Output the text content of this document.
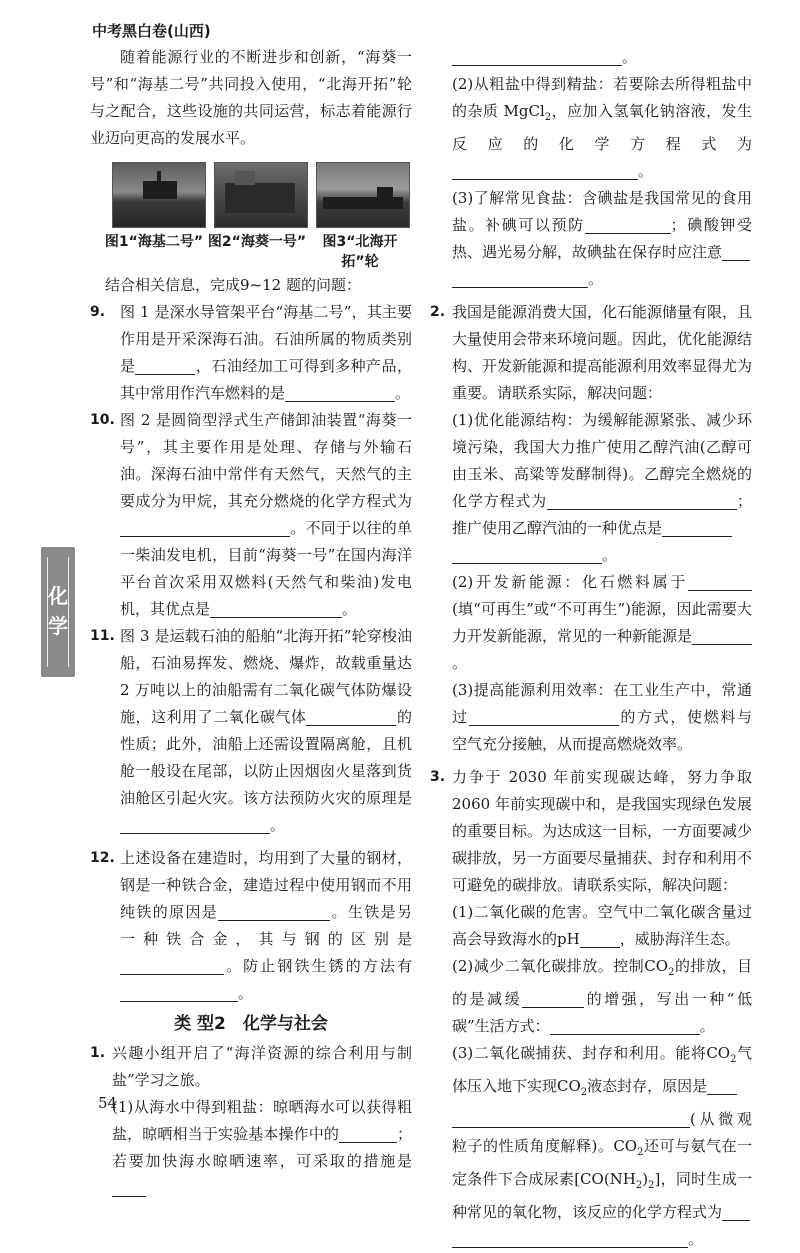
中考黑白卷(山西)
化学

随着能源行业的不断进步和创新，“海葵一号”和“海基二号”共同投入使用，“北海开拓”轮与之配合，这些设施的共同运营，标志着能源行业迈向更高的发展水平。

图1“海基二号” 图2“海葵一号”	图3“北海开拓”轮

结合相关信息，完成9~12 题的问题：

9. 图 1 是深水导管架平台“海基二号”，其主要作用是开采深海石油。石油所属的物质类别是	，石油经加工可得到多种产品，其中常用作汽车燃料的是	。
10. 图 2 是圆筒型浮式生产储卸油装置“海葵一号”，其主要作用是处理、存储与外输石油。深海石油中常伴有天然气，天然气的主要成分为甲烷，其充分燃烧的化学方程式为。不同于以往的单一柴油发电机，目前“海葵一号”在国内海洋平台首次采用双燃料(天然气和柴油)发电机，其优点是	。
11. 图 3 是运载石油的船舶“北海开拓”轮穿梭油船，石油易挥发、燃烧、爆炸，故载重量达 2 万吨以上的油船需有二氧化碳气体防爆设施，这利用了二氧化碳气体	的性质；此外，油船上还需设置隔离舱，且机舱一般设在尾部，以防止因烟囱火星落到货油舱区引起火灾。该方法预防火灾的原理是。
12. 上述设备在建造时，均用到了大量的钢材，钢是一种铁合金，建造过程中使用钢而不用纯铁的原因是	。生铁是另一种铁合金，其与钢的区别是。防止钢铁生锈的方法有。
类 型2　化学与社会
1. 兴趣小组开启了“海洋资源的综合利用与制盐”学习之旅。

(1)从海水中得到粗盐：晾晒海水可以获得粗盐，晾晒相当于实验基本操作中的	；若要加快海水晾晒速率，可采取的措施是

。

(2)从粗盐中得到精盐：若要除去所得粗盐中的杂质 MgCl$_2$，应加入氢氧化钠溶液，发生反应的化学方程式为。

(3)了解常见食盐：含碘盐是我国常见的食用盐。补碘可以预防	；碘酸钾受热、遇光易分解，故碘盐在保存时应注意
。

2. 我国是能源消费大国，化石能源储量有限，且大量使用会带来环境问题。因此，优化能源结构、开发新能源和提高能源利用效率显得尤为重要。请联系实际，解决问题：

(1)优化能源结构：为缓解能源紧张、减少环境污染，我国大力推广使用乙醇汽油(乙醇可由玉米、高粱等发酵制得)。乙醇完全燃烧的化学方程式为	；推广使用乙醇汽油的一种优点是
。

(2)开发新能源：化石燃料属于(填“可再生”或“不可再生”)能源，因此需要大力开发新能源，常见的一种新能源是。

(3)提高能源利用效率：在工业生产中，常通过	的方式，使燃料与空气充分接触，从而提高燃烧效率。

3. 力争于 2030 年前实现碳达峰，努力争取2060 年前实现碳中和，是我国实现绿色发展的重要目标。为达成这一目标，一方面要减少碳排放，另一方面要尽量捕获、封存和利用不可避免的碳排放。请联系实际，解决问题：

(1)二氧化碳的危害。空气中二氧化碳含量过高会导致海水的pH	，威胁海洋生态。

(2)减少二氧化碳排放。控制$CO_2$的排放，目的是减缓	的增强，写出一种“低碳”生活方式：	。

(3)二氧化碳捕获、封存和利用。能将$CO_2$气体压入地下实现$CO_2$液态封存，原因是
(从微观粒子的性质角度解释)。$CO_2$还可与氨气在一定条件下合成尿素$[CO(NH_2)_2]$，同时生成一种常见的氧化物，该反应的化学方程式为
。

54
